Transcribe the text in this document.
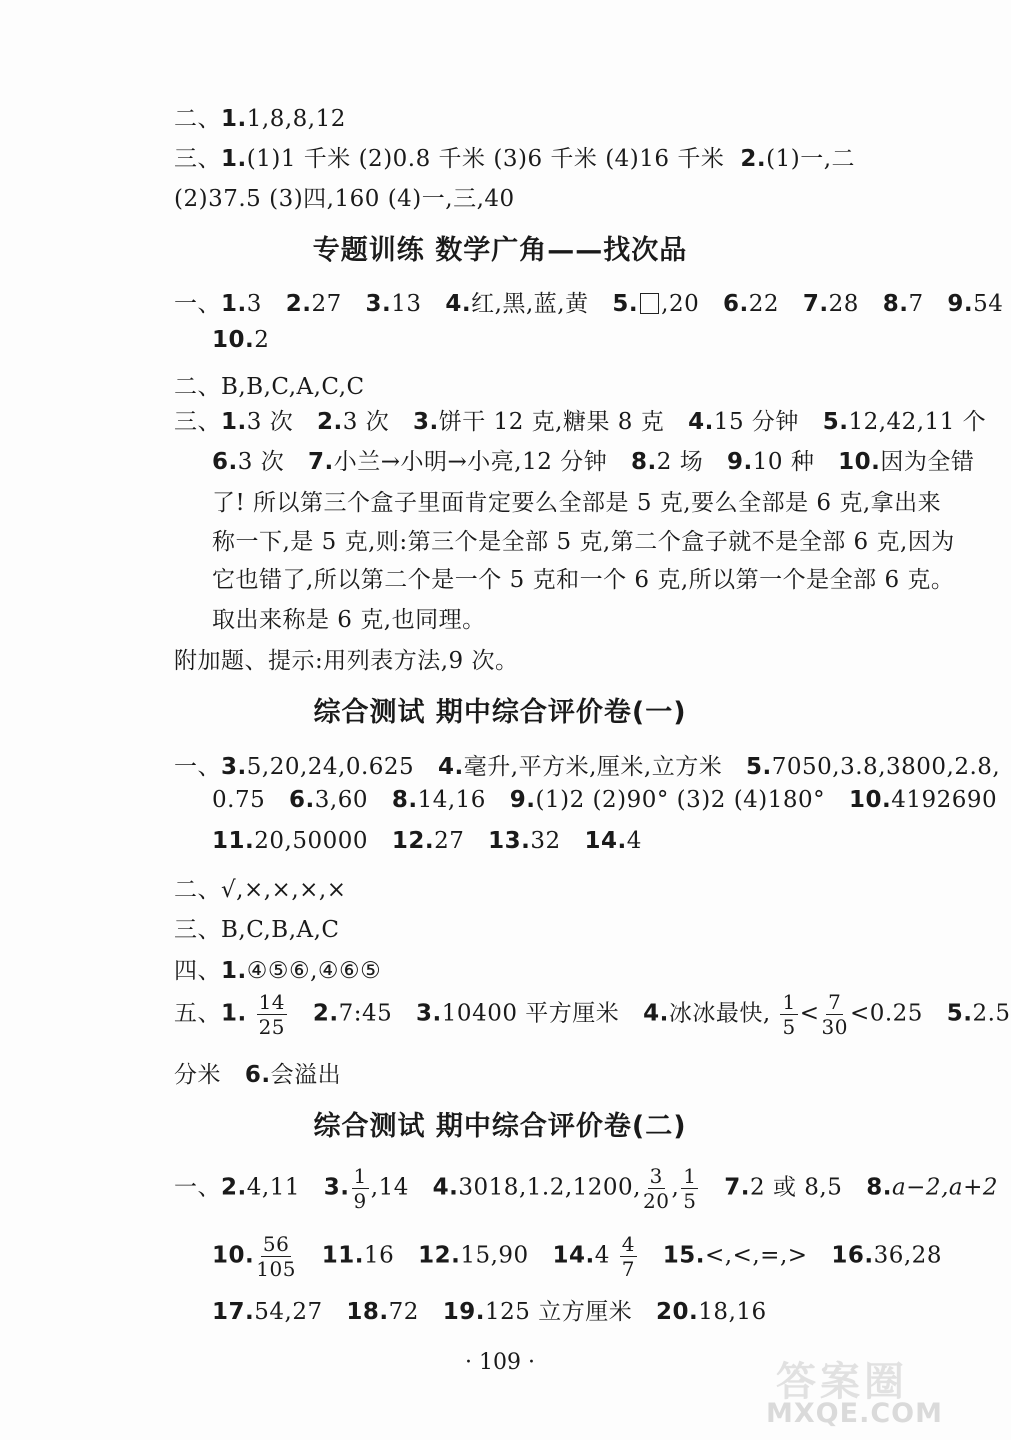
二、1.1,8,8,12
三、1.(1)1 千米 (2)0.8 千米 (3)6 千米 (4)16 千米 2.(1)一,二
(2)37.5 (3)四,160 (4)一,三,40
专题训练 数学广角——找次品
一、1.3 2.27 3.13 4.红,黑,蓝,黄 5. ,20 6.22 7.28 8.7 9.54
10.2
二、B,B,C,A,C,C
三、1.3 次 2.3 次 3.饼干 12 克,糖果 8 克 4.15 分钟 5.12,42,11 个
6.3 次 7.小兰→小明→小亮,12 分钟 8.2 场 9.10 种 10.因为全错
了! 所以第三个盒子里面肯定要么全部是 5 克,要么全部是 6 克,拿出来
称一下,是 5 克,则:第三个是全部 5 克,第二个盒子就不是全部 6 克,因为
它也错了,所以第二个是一个 5 克和一个 6 克,所以第一个是全部 6 克。
取出来称是 6 克,也同理。
附加题、提示:用列表方法,9 次。
综合测试 期中综合评价卷(一)
一、3.5,20,24,0.625 4.毫升,平方米,厘米,立方米 5.7050,3.8,3800,2.8,
0.75 6.3,60 8.14,16 9.(1)2 (2)90° (3)2 (4)180° 10.4192690
11.20,50000 12.27 13.32 14.4
二、√,×,×,×,×
三、B,C,B,A,C
四、1.④⑤⑥,④⑥⑤
五、1. $\frac{14}{25}$ 2.7:45 3.10400 平方厘米 4.冰冰最快, $\frac{1}{5} < \frac{7}{30} <0.25$ 5.2.5
分米 6.会溢出
综合测试 期中综合评价卷(二)
一、2.4,11 3. $\frac{1}{9} ,14$ 4.3018,1.2,1200, $\frac{3}{20}$ , $\frac{1}{5} 7.2$ 或 8,5 8.a−2,a+2
10. $\frac{56}{105} 11.16$ 12.15,90 $14.4 \frac{4}{7} 15.<,<,=,> 16.36,28$
17.54,27 18.72 19.125 立方厘米 20.18,16
· 109 ·	答案圈
MXQE.COM
